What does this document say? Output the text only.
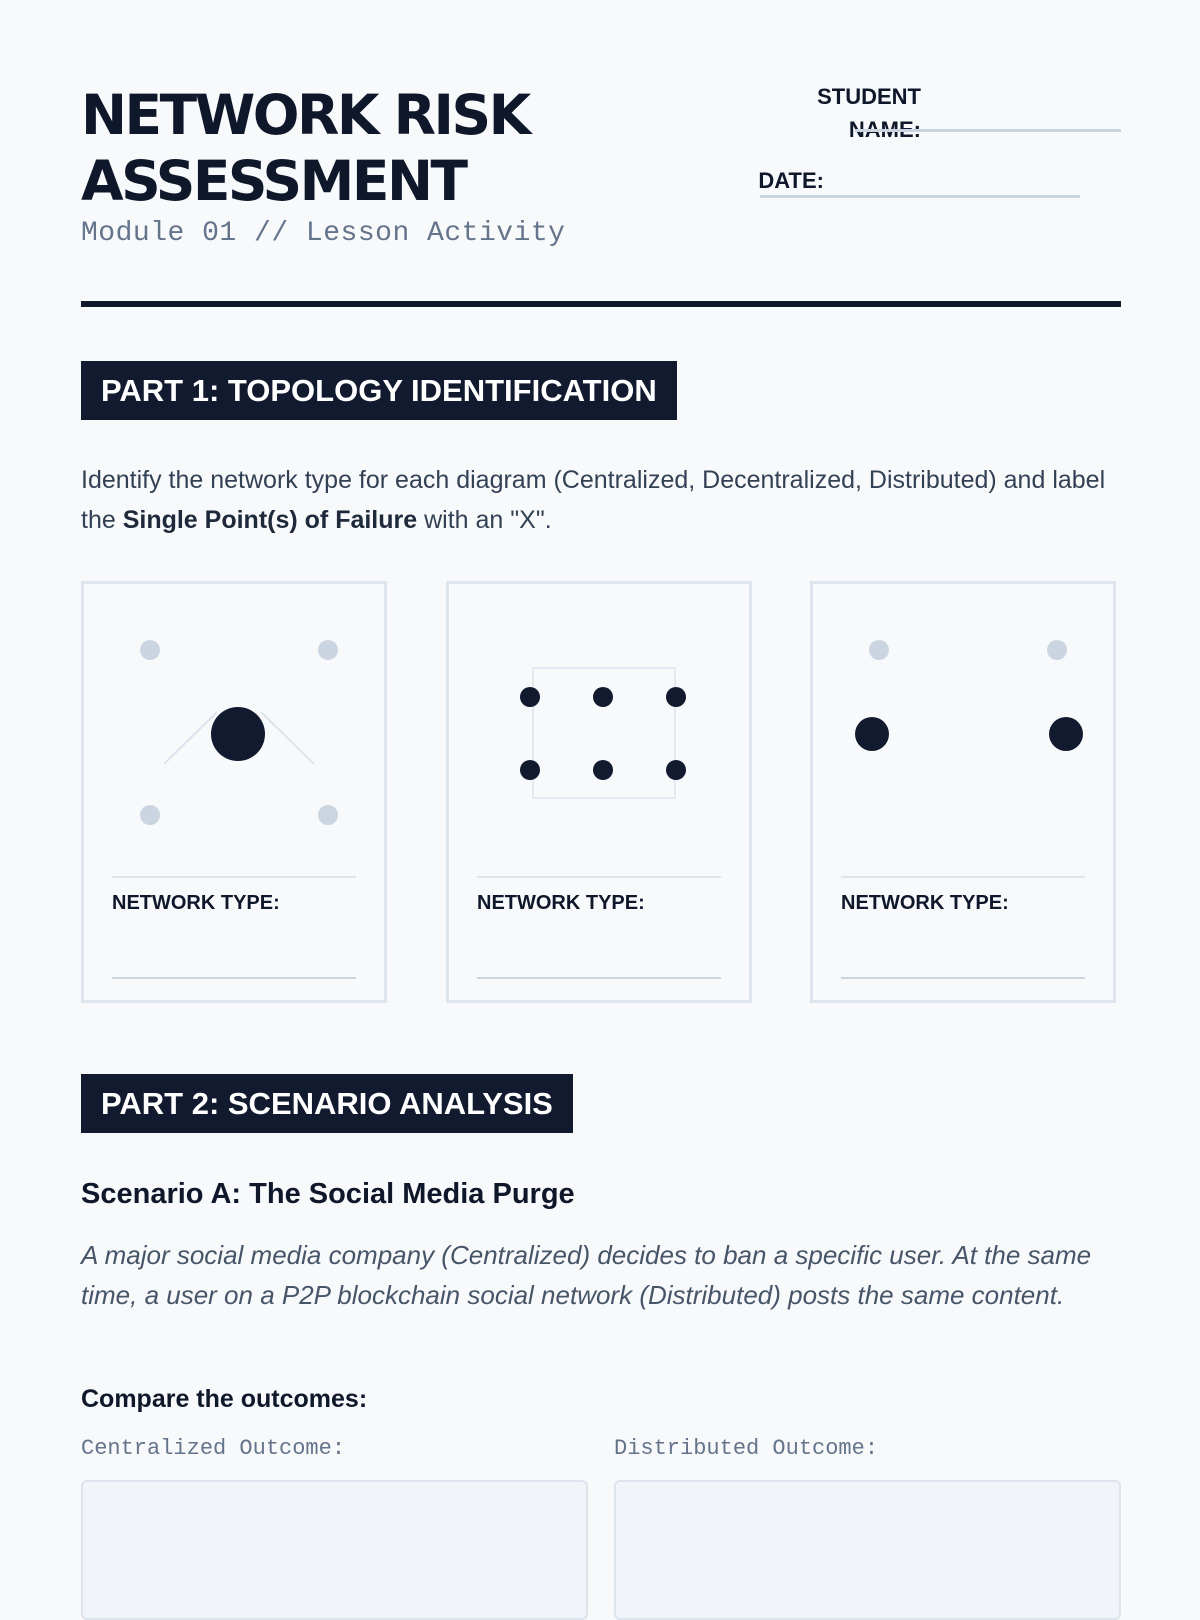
NETWORK RISK
ASSESSMENT
Module 01 // Lesson Activity
STUDENT
NAME:
DATE:
PART 1: TOPOLOGY IDENTIFICATION
Identify the network type for each diagram (Centralized, Decentralized, Distributed) and label the Single Point(s) of Failure with an "X".
NETWORK TYPE:	NETWORK TYPE:	NETWORK TYPE:
PART 2: SCENARIO ANALYSIS
Scenario A: The Social Media Purge
A major social media company (Centralized) decides to ban a specific user. At the same time, a user on a P2P blockchain social network (Distributed) posts the same content.
Compare the outcomes:
Centralized Outcome:	Distributed Outcome:
